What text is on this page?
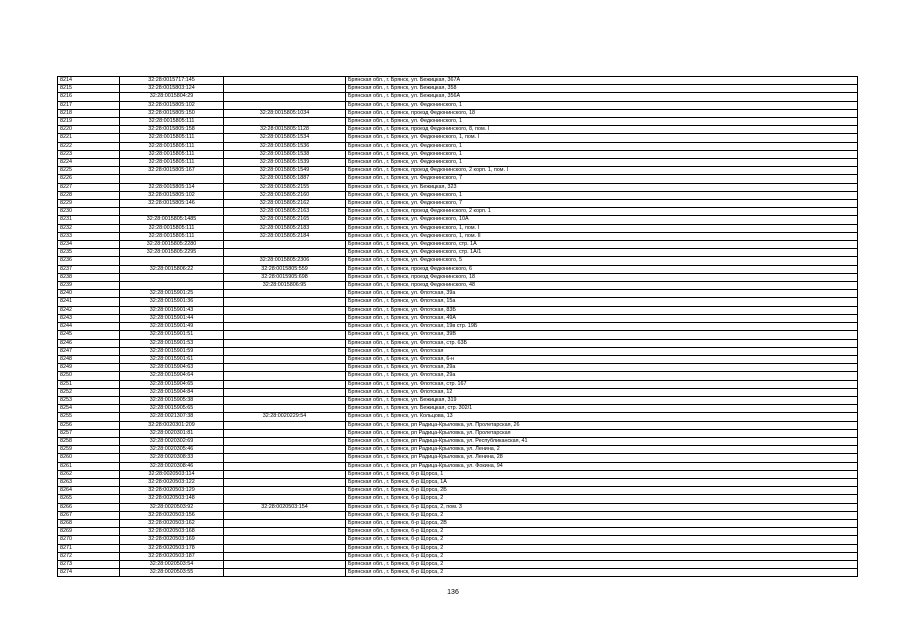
8214	32:28:0015717:145		Брянская обл., г. Брянск, ул. Бежицкая, 367А
8215	32:28:0015803:124		Брянская обл., г. Брянск, ул. Бежицкая, 358
8216	32:28:0015804:29		Брянская обл., г. Брянск, ул. Бежицкая, 356А
8217	32:28:0015805:102		Брянская обл., г. Брянск, ул. Федюнинского, 1
8218	32:28:0015805:150	32:28:0015805:1034	Брянская обл., г. Брянск, проезд Федюнинского, 18
8219	32:28:0015805:111		Брянская обл., г. Брянск, ул. Федюнинского, 1
8220	32:28:0015805:158	32:28:0015805:1128	Брянская обл., г. Брянск, проезд Федюнинского, 8, пом. I
8221	32:28:0015805:111	32:28:0015805:1534	Брянская обл., г. Брянск, ул. Федюнинского, 1, пом. I
8222	32:28:0015805:111	32:28:0015805:1536	Брянская обл., г. Брянск, ул. Федюнинского, 1
8223	32:28:0015805:111	32:28:0015805:1538	Брянская обл., г. Брянск, ул. Федюнинского, 1
8224	32:28:0015805:111	32:28:0015805:1539	Брянская обл., г. Брянск, ул. Федюнинского, 1
8225	32:28:0015805:167	32:28:0015805:1549	Брянская обл., г. Брянск, проезд Федюнинского, 2 корп. 1, пом. I
8226		32:28:0015805:1887	Брянская обл., г. Брянск, ул. Федюнинского, 7
8227	32:28:0015805:114	32:28:0015805:2155	Брянская обл., г. Брянск, ул. Бежицкая, 323
8228	32:28:0015805:102	32:28:0015805:2160	Брянская обл., г. Брянск, ул. Федюнинского, 1
8229	32:28:0015805:146	32:28:0015805:2162	Брянская обл., г. Брянск, ул. Федюнинского, 7
8230		32:28:0015805:2163	Брянская обл., г. Брянск, проезд Федюнинского, 2 корп. 1
8231	32:28:0015805:1485	32:28:0015805:2165	Брянская обл., г. Брянск, ул. Федюнинского, 10А
8232	32:28:0015805:111	32:28:0015805:2183	Брянская обл., г. Брянск, ул. Федюнинского, 1, пом. I
8233	32:28:0015805:111	32:28:0015805:2184	Брянская обл., г. Брянск, ул. Федюнинского, 1, пом. II
8234	32:28:0015805:2280		Брянская обл., г. Брянск, ул. Федюнинского, стр. 1А
8235	32:28:0015805:2295		Брянская обл., г. Брянск, ул. Федюнинского, стр. 1А/1
8236		32:28:0015805:2306	Брянская обл., г. Брянск, ул. Федюнинского, 5
8237	32:28:0015806:22	32:28:0015805:559	Брянская обл., г. Брянск, проезд Федюнинского, 6
8238		32:28:0015905:698	Брянская обл., г. Брянск, проезд Федюнинского, 18
8239		32:28:0015806:95	Брянская обл., г. Брянск, проезд Федюнинского, 48
8240	32:28:0015901:25		Брянская обл., г. Брянск, ул. Флотская, 39а
8241	32:28:0015901:36		Брянская обл., г. Брянск, ул. Флотская, 15а
8242	32:28:0015901:43		Брянская обл., г. Брянск, ул. Флотская, 83Б
8243	32:28:0015901:44		Брянская обл., г. Брянск, ул. Флотская, 49А
8244	32:28:0015901:49		Брянская обл., г. Брянск, ул. Флотская, 19в стр. 19Б
8245	32:28:0015901:51		Брянская обл., г. Брянск, ул. Флотская, 39В
8246	32:28:0015901:53		Брянская обл., г. Брянск, ул. Флотская, стр. 63Б
8247	32:28:0015901:59		Брянская обл., г. Брянск, ул. Флотская
8248	32:28:0015901:61		Брянская обл., г. Брянск, ул. Флотская, 6-н
8249	32:28:0015904:63		Брянская обл., г. Брянск, ул. Флотская, 29а
8250	32:28:0015904:64		Брянская обл., г. Брянск, ул. Флотская, 29а
8251	32:28:0015904:65		Брянская обл., г. Брянск, ул. Флотская, стр. 167
8252	32:28:0015904:84		Брянская обл., г. Брянск, ул. Флотская, 12
8253	32:28:0015905:38		Брянская обл., г. Брянск, ул. Бежицкая, 319
8254	32:28:0015905:65		Брянская обл., г. Брянск, ул. Бежицкая, стр. 302/1
8255	32:28:0021307:38	32:28:0020229:54	Брянская обл., г. Брянск, ул. Кольцова, 13
8256	32:28:0020301:209		Брянская обл., г. Брянск, рп Радица-Крыловка, ул. Пролетарская, 26
8257	32:28:0020301:81		Брянская обл., г. Брянск, рп Радица-Крыловка, ул. Пролетарская
8258	32:28:0020302:69		Брянская обл., г. Брянск, рп Радица-Крыловка, ул. Республиканская, 41
8259	32:28:0020305:46		Брянская обл., г. Брянск, рп Радица-Крыловка, ул. Ленина, 2
8260	32:28:0020308:33		Брянская обл., г. Брянск, рп Радица-Крыловка, ул. Ленина, 28
8261	32:28:0020308:46		Брянская обл., г. Брянск, рп Радица-Крыловка, ул. Фокина, 94
8262	32:28:0020503:114		Брянская обл., г. Брянск, б-р Щорса, 1
8263	32:28:0020503:122		Брянская обл., г. Брянск, б-р Щорса, 1А
8264	32:28:0020503:129		Брянская обл., г. Брянск, б-р Щорса, 2Б
8265	32:28:0020503:148		Брянская обл., г. Брянск, б-р Щорса, 2
8266	32:28:0020503:92	32:28:0020503:154	Брянская обл., г. Брянск, б-р Щорса, 2, пом. 3
8267	32:28:0020503:156		Брянская обл., г. Брянск, б-р Щорса, 2
8268	32:28:0020503:162		Брянская обл., г. Брянск, б-р Щорса, 2В
8269	32:28:0020503:168		Брянская обл., г. Брянск, б-р Щорса, 2
8270	32:28:0020503:169		Брянская обл., г. Брянск, б-р Щорса, 2
8271	32:28:0020503:178		Брянская обл., г. Брянск, б-р Щорса, 2
8272	32:28:0020503:187		Брянская обл., г. Брянск, б-р Щорса, 2
8273	32:28:0020503:54		Брянская обл., г. Брянск, б-р Щорса, 2
8274	32:28:0020503:55		Брянская обл., г. Брянск, б-р Щорса, 2
136
